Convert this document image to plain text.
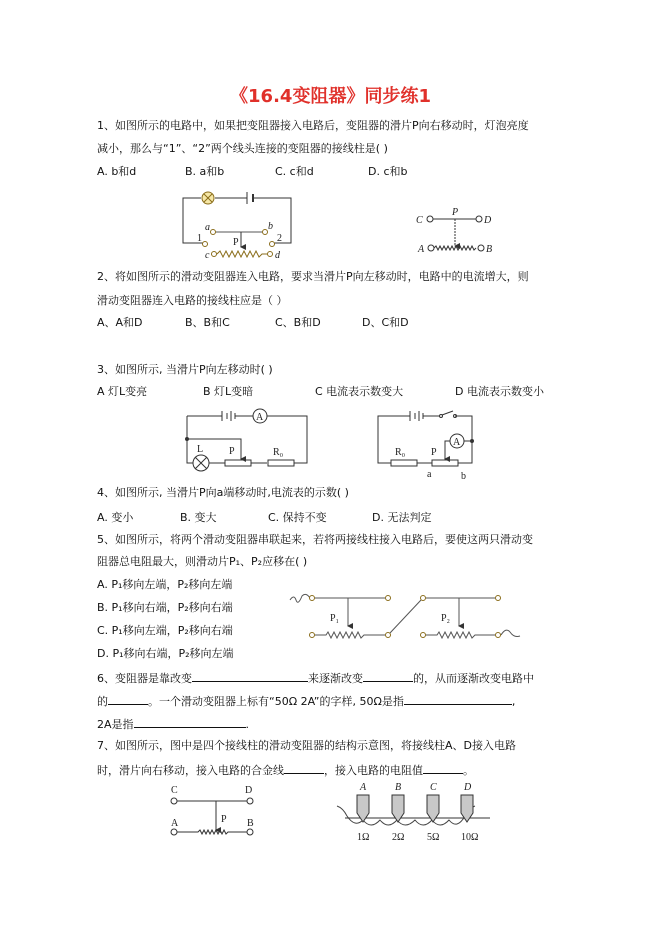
《16.4变阻器》同步练1
1、如图所示的电路中，如果把变阻器接入电路后，变阻器的滑片P向右移动时，灯泡亮度
减小，那么与“1”、“2”两个线头连接的变阻器的接线柱是( )
A. b和d	B. a和b	C. c和d	D. c和b
2、将如图所示的滑动变阻器连入电路，要求当滑片P向左移动时，电路中的电流增大，则
滑动变阻器连入电路的接线柱应是（ ）
A、A和D	B、B和C	C、B和D	D、C和D
3、如图所示, 当滑片P向左移动时( )
A 灯L变亮	B 灯L变暗	C 电流表示数变大	D 电流表示数变小
4、如图所示, 当滑片P向a端移动时,电流表的示数( )
A. 变小	B. 变大	C. 保持不变	D. 无法判定
5、如图所示，将两个滑动变阻器串联起来，若将两接线柱接入电路后，要使这两只滑动变
阻器总电阻最大，则滑动片P₁、P₂应移在( )
A. P₁移向左端，P₂移向左端
B. P₁移向右端，P₂移向右端
C. P₁移向左端，P₂移向右端
D. P₁移向右端，P₂移向左端
6、变阻器是靠改变	来逐渐改变	的，从而逐渐改变电路中
的	。一个滑动变阻器上标有“50Ω 2A”的字样, 50Ω是指	,
2A是指	.
7、如图所示，图中是四个接线柱的滑动变阻器的结构示意图，将接线柱A、D接入电路
时，滑片向右移动，接入电路的合金线	，接入电路的电阻值	。
a	b
c	d
1	2
P
C	D
A	B
P
A
L	P	R₀
A
R₀	P
a	b
P₁	P₂
C	D
A	B
P
A
1Ω
B
2Ω
C
5Ω
D
10Ω
